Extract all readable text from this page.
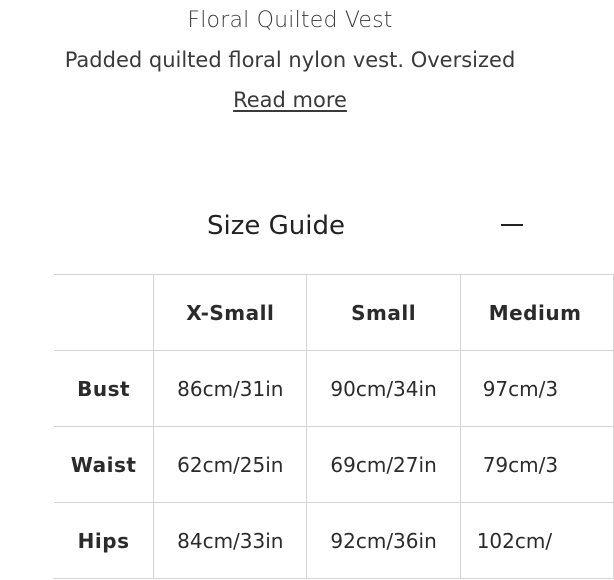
Floral Quilted Vest
Padded quilted floral nylon vest. Oversized
Read more
Size Guide
	X-Small	Small	Medium
Bust	86cm/31in	90cm/34in	97cm/3
Waist	62cm/25in	69cm/27in	79cm/3
Hips	84cm/33in	92cm/36in	102cm/
